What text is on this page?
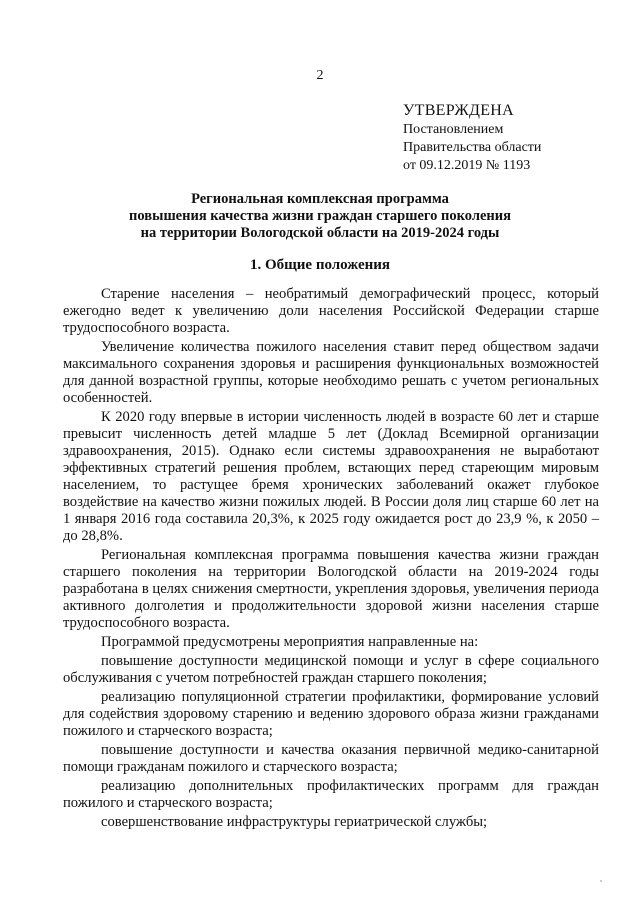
2
УТВЕРЖДЕНА
Постановлением
Правительства области
от 09.12.2019 № 1193
Региональная комплексная программа
повышения качества жизни граждан старшего поколения
на территории Вологодской области на 2019-2024 годы
1. Общие положения

Старение населения – необратимый демографический процесс, который ежегодно ведет к увеличению доли населения Российской Федерации старше трудоспособного возраста.

Увеличение количества пожилого населения ставит перед обществом задачи максимального сохранения здоровья и расширения функциональных возможностей для данной возрастной группы, которые необходимо решать с учетом региональных особенностей.

К 2020 году впервые в истории численность людей в возрасте 60 лет и старше превысит численность детей младше 5 лет (Доклад Всемирной организации здравоохранения, 2015). Однако если системы здравоохранения не выработают эффективных стратегий решения проблем, встающих перед стареющим мировым населением, то растущее бремя хронических заболеваний окажет глубокое воздействие на качество жизни пожилых людей. В России доля лиц старше 60 лет на 1 января 2016 года составила 20,3%, к 2025 году ожидается рост до 23,9 %, к 2050 – до 28,8%.

Региональная комплексная программа повышения качества жизни граждан старшего поколения на территории Вологодской области на 2019-2024 годы разработана в целях снижения смертности, укрепления здоровья, увеличения периода активного долголетия и продолжительности здоровой жизни населения старше трудоспособного возраста.

Программой предусмотрены мероприятия направленные на:

повышение доступности медицинской помощи и услуг в сфере социального обслуживания с учетом потребностей граждан старшего поколения;

реализацию популяционной стратегии профилактики, формирование условий для содействия здоровому старению и ведению здорового образа жизни гражданами пожилого и старческого возраста;

повышение доступности и качества оказания первичной медико-санитарной помощи гражданам пожилого и старческого возраста;

реализацию дополнительных профилактических программ для граждан пожилого и старческого возраста;

совершенствование инфраструктуры гериатрической службы;
